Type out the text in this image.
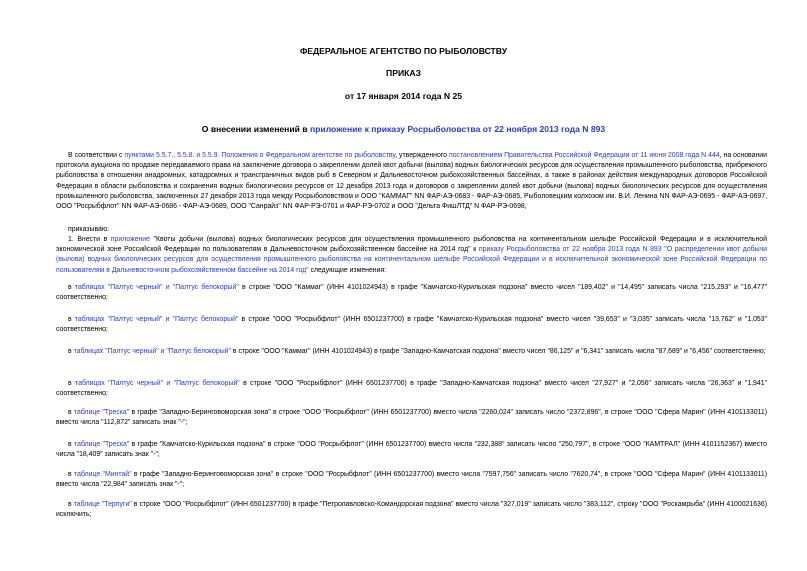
ФЕДЕРАЛЬНОЕ АГЕНТСТВО ПО РЫБОЛОВСТВУ
ПРИКАЗ
от 17 января 2014 года N 25
О внесении изменений в приложение к приказу Росрыболовства от 22 ноября 2013 года N 893
В соответствии с пунктами 5.5.7., 5.5.8. и 5.5.9. Положения о Федеральном агентстве по рыболовству, утвержденного постановлением Правительства Российской Федерации от 11 июня 2008 года N 444, на основании протокола аукциона по продаже передаваемого права на заключение договора о закреплении долей квот добычи (вылова) водных биологических ресурсов для осуществления промышленного рыболовства, прибрежного рыболовства в отношении анадромных, катадромных и трансграничных видов рыб в Северном и Дальневосточном рыбохозяйственных бассейнах, а также в районах действия международных договоров Российской Федерации в области рыболовства и сохранения водных биологических ресурсов от 12 декабря 2013 года и договоров о закреплении долей квот добычи (вылова) водных биологических ресурсов для осуществления промышленного рыболовства, заключенных 27 декабря 2013 года между Росрыболовством и ООО "КАММАГ" NN ФАР-АЭ-0683 - ФАР-АЭ-0685, Рыболовецким колхозом им. В.И. Ленина NN ФАР-АЭ-0695 - ФАР-АЭ-0697, ООО "Росрыбфлот" NN ФАР-АЭ-0686 - ФАР-АЭ-0689, ООО "Санрайз" NN ФАР-РЭ-0701 и ФАР-РЭ-0702 и ООО "Дельта ФишЛТД" N ФАР-РЭ-0698,
приказываю:
1. Внести в приложение "Квоты добычи (вылова) водных биологических ресурсов для осуществления промышленного рыболовства на континентальном шельфе Российской Федерации и в исключительной экономической зоне Российской Федерации по пользователям в Дальневосточном рыбохозяйственном бассейне на 2014 год" к приказу Росрыболовства от 22 ноября 2013 года N 893 "О распределении квот добычи (вылова) водных биологических ресурсов для осуществления промышленного рыболовства на континентальном шельфе Российской Федерации и в исключительной экономической зоне Российской Федерации по пользователям в Дальневосточном рыбохозяйственном бассейне на 2014 год" следующие изменения:
в таблицах "Палтус черный" и "Палтус белокорый" в строке "ООО "Каммаг" (ИНН 4101024943) в графе "Камчатско-Курильская подзона" вместо чисел "189,402" и "14,495" записать числа "215,293" и "16,477" соответственно;
в таблицах "Палтус черный" и "Палтус белокорый" в строке "ООО "Росрыбфлот" (ИНН 6501237700) в графе "Камчатско-Курильская подзона" вместо чисел "39,653" и "3,035" записать числа "13,762" и "1,053" соответственно;
в таблицах "Палтус черный" и "Палтус белокорый" в строке "ООО "Каммаг" (ИНН 4101024943) в графе "Западно-Камчатская подзона" вместо чисел "86,125" и "6,341" записать числа "87,689" и "6,456" соответственно;
в таблицах "Палтус черный" и "Палтус белокорый" в строке "ООО "Росрыбфлот" (ИНН 6501237700) в графе "Западно-Камчатская подзона" вместо чисел "27,927" и "2,056" записать числа "26,363" и "1,941" соответственно;
в таблице "Треска" в графе "Западно-Беринговоморская зона" в строке "ООО "Росрыбфлот" (ИНН 6501237700) вместо числа "2260,024" записать число "2372,896", в строке "ООО "Сфера Марин" (ИНН 4101133011) вместо числа "112,872" записать знак "-";
в таблице "Треска" в графе "Камчатско-Курильская подзона" в строке "ООО "Росрыбфлот" (ИНН 6501237700) вместо числа "232,388" записать число "250,797", в строке "ООО "КАМТРАЛ" (ИНН 4101152367) вместо числа "18,409" записать знак "-";
в таблице "Минтай" в графе "Западно-Беринговоморская зона" в строке "ООО "Росрыбфлот" (ИНН 6501237700) вместо числа "7597,756" записать число "7620,74", в строке "ООО "Сфера Марин" (ИНН 4101133011) вместо числа "22,984" записать знак "-";
в таблице "Терпуги" в строке "ООО "Росрыбфлот" (ИНН 6501237700) в графе "Петропавловско-Командорская подзона" вместо числа "327,019" записать число "383,112", строку "ООО "Роскамрыба" (ИНН 4100021636) исключить;
